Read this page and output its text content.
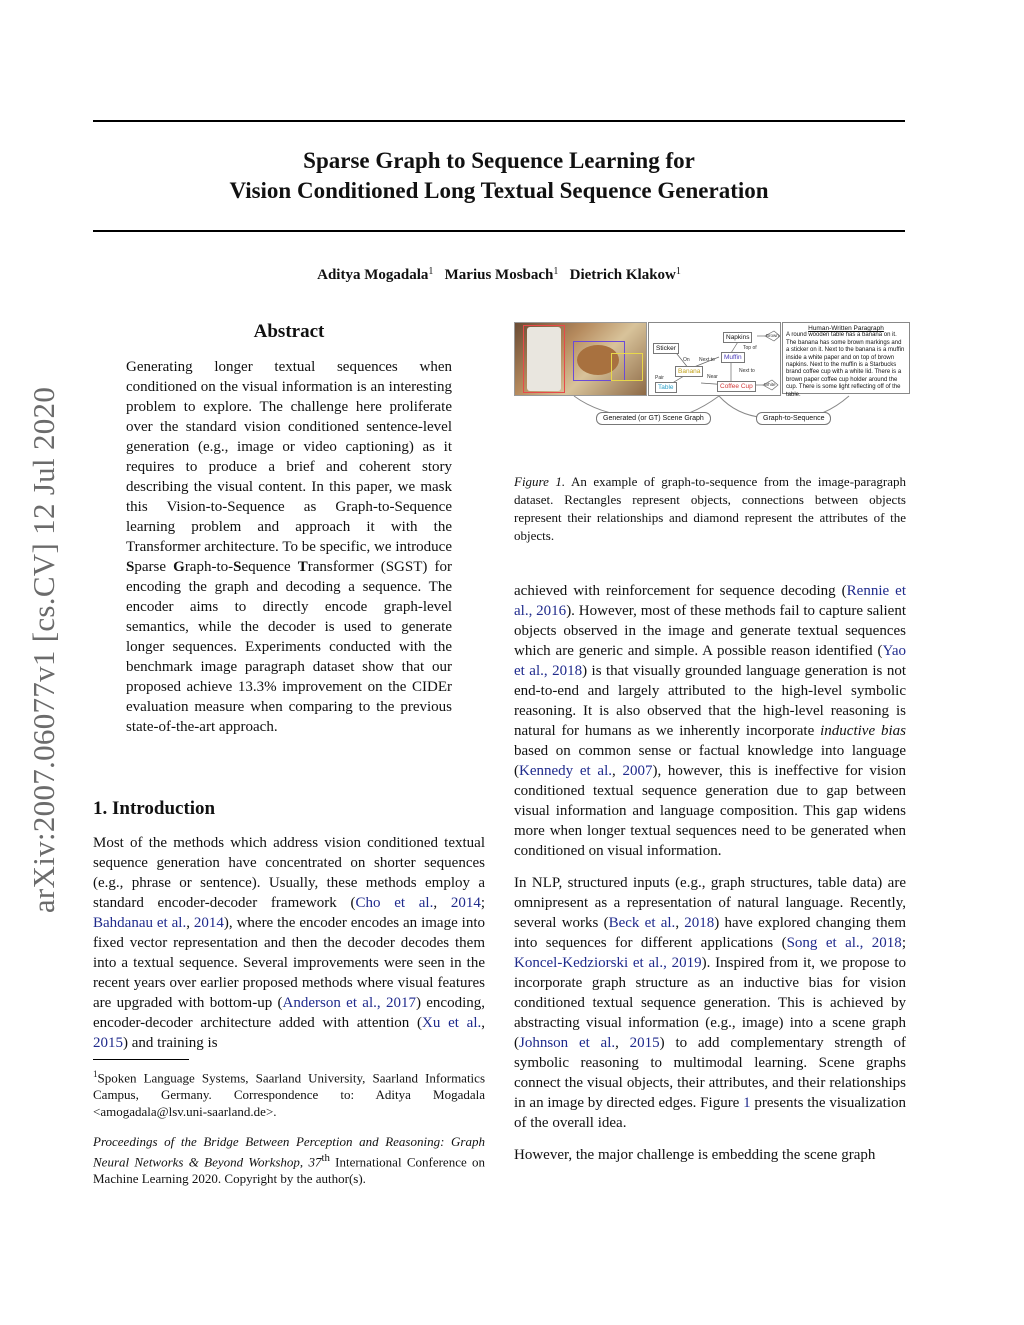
arXiv:2007.06077v1 [cs.CV] 12 Jul 2020
Sparse Graph to Sequence Learning for
Vision Conditioned Long Textual Sequence Generation
Aditya Mogadala$^1$ Marius Mosbach$^1$ Dietrich Klakow$^1$
Abstract

Generating longer textual sequences when conditioned on the visual information is an interesting problem to explore. The challenge here proliferate over the standard vision conditioned sentence-level generation (e.g., image or video captioning) as it requires to produce a brief and coherent story describing the visual content. In this paper, we mask this Vision-to-Sequence as Graph-to-Sequence learning problem and approach it with the Transformer architecture. To be specific, we introduce Sparse Graph-to-Sequence Transformer (SGST) for encoding the graph and decoding a sequence. The encoder aims to directly encode graph-level semantics, while the decoder is used to generate longer sequences. Experiments conducted with the benchmark image paragraph dataset show that our proposed achieve 13.3% improvement on the CIDEr evaluation measure when comparing to the previous state-of-the-art approach.

1. Introduction

Most of the methods which address vision conditioned textual sequence generation have concentrated on shorter sequences (e.g., phrase or sentence). Usually, these methods employ a standard encoder-decoder framework (Cho et al., 2014; Bahdanau et al., 2014), where the encoder encodes an image into fixed vector representation and then the decoder decodes them into a textual sequence. Several improvements were seen in the recent years over earlier proposed methods where visual features are upgraded with bottom-up (Anderson et al., 2017) encoding, encoder-decoder architecture added with attention (Xu et al., 2015) and training is

$^1$Spoken Language Systems, Saarland University, Saarland Informatics Campus, Germany. Correspondence to: Aditya Mogadala <amogadala@lsv.uni-saarland.de>.

Proceedings of the Bridge Between Perception and Reasoning: Graph Neural Networks & Beyond Workshop, 37th International Conference on Machine Learning 2020. Copyright by the author(s).

Sticker
Napkins
Muffin
Banana
Table	Coffee Cup
On Next to
Top of
Next to
Pair	Near
Brown
White
Human-Written Paragraph
A round wooden table has a banana on it. The banana has some brown markings and a sticker on it. Next to the banana is a muffin inside a white paper and on top of brown napkins. Next to the muffin is a Starbucks brand coffee cup with a white lid. There is a brown paper coffee cup holder around the cup. There is some light reflecting off of the table.
Generated (or GT) Scene Graph	Graph-to-Sequence

Figure 1. An example of graph-to-sequence from the image-paragraph dataset. Rectangles represent objects, connections between objects represent their relationships and diamond represent the attributes of the objects.

achieved with reinforcement for sequence decoding (Rennie et al., 2016). However, most of these methods fail to capture salient objects observed in the image and generate textual sequences which are generic and simple. A possible reason identified (Yao et al., 2018) is that visually grounded language generation is not end-to-end and largely attributed to the high-level symbolic reasoning. It is also observed that the high-level reasoning is natural for humans as we inherently incorporate inductive bias based on common sense or factual knowledge into language (Kennedy et al., 2007), however, this is ineffective for vision conditioned textual sequence generation due to gap between visual information and language composition. This gap widens more when longer textual sequences need to be generated when conditioned on visual information.

In NLP, structured inputs (e.g., graph structures, table data) are omnipresent as a representation of natural language. Recently, several works (Beck et al., 2018) have explored changing them into sequences for different applications (Song et al., 2018; Koncel-Kedziorski et al., 2019). Inspired from it, we propose to incorporate graph structure as an inductive bias for vision conditioned textual sequence generation. This is achieved by abstracting visual information (e.g., image) into a scene graph (Johnson et al., 2015) to add complementary strength of symbolic reasoning to multimodal learning. Scene graphs connect the visual objects, their attributes, and their relationships in an image by directed edges. Figure 1 presents the visualization of the overall idea.

However, the major challenge is embedding the scene graph
